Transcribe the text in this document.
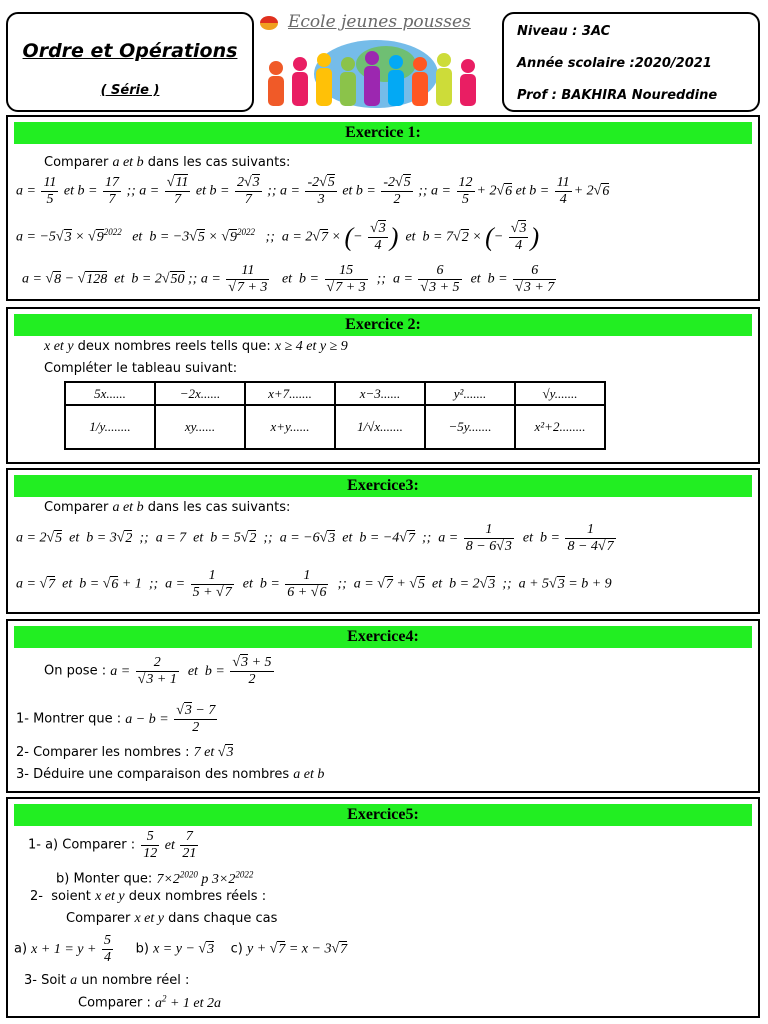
Ordre et Opérations
( Série )
Ecole jeunes pousses	Niveau : 3AC
Année scolaire :2020/2021
Prof : BAKHIRA Noureddine
Exercice 1:
Comparer a et b dans les cas suivants:
$a = \frac{11}{5}$ et $b = \frac{17}{7}$ ;; $a = \frac{√11}{7}$ et $b = \frac{2√3}{7}$ ;; $a = \frac{-2√5}{3}$ et $b = \frac{-2√5}{2}$ ;; $a = \frac{12}{5} + 2√6$ et $b = \frac{11}{4} + 2√6$
$a = -5√3 \times √9^{2022}$   et  $b = -3√5 \times √9^{2022}$   ;;  a = 2√7 × (− $\frac{√3}{4}$ )  et  b = 7√2 × (− $\frac{√3}{4}$ )
a = √8 − √128  et  b = 2√50 ;; $a = \frac{11}{√7 + 3}$ et  $b = \frac{15}{√7 + 3}$ ;;  $a = \frac{6}{√3 + 5}$ et  $b = \frac{6}{√3 + 7}$
Exercice 2:
x et y deux nombres reels tells que: x ≥ 4 et y ≥ 9
Compléter le tableau suivant:
5x......	−2x......	x+7.......	x−3......	y².......	√y.......
1/y........	xy......	x+y......	1/√x.......	−5y.......	x²+2........
Exercice3:
Comparer a et b dans les cas suivants:
a = 2√5  et  b = 3√2  ;;  a = 7  et  b = 5√2  ;;  a = −6√3  et  b = −4√7  ;;  $a = \frac{1}{8 - 6√3}$ et  $b = \frac{1}{8 - 4√7}$
a = √7  et  b = √6 + 1  ;;  $a = \frac{1}{5 + √7}$ et  $b = \frac{1}{6 + √6}$ ;;  a = √7 + √5  et  b = 2√3  ;;  a + 5√3 = b + 9
Exercice4:
On pose : $a = \frac{2}{√3 + 1}$ et  $b = \frac{√3 + 5}{2}$
1- Montrer que : $a - b = \frac{√3 - 7}{2}$
2- Comparer les nombres : 7 et √3
3- Déduire une comparaison des nombres a et b
Exercice5:
1- a) Comparer : $\frac{5}{12}$ et $\frac{7}{21}$
b) Monter que: $7\times 2^{2020}$ p $3\times 2^{2022}$
2- soient x et y deux nombres réels :
Comparer x et y dans chaque cas
a) $x + 1 = y + \frac{5}{4} b$) x = y − √3    c) y + √7 = x − 3√7
3- Soit a un nombre réel :
Comparer : $a^2 + 1$ et 2a
